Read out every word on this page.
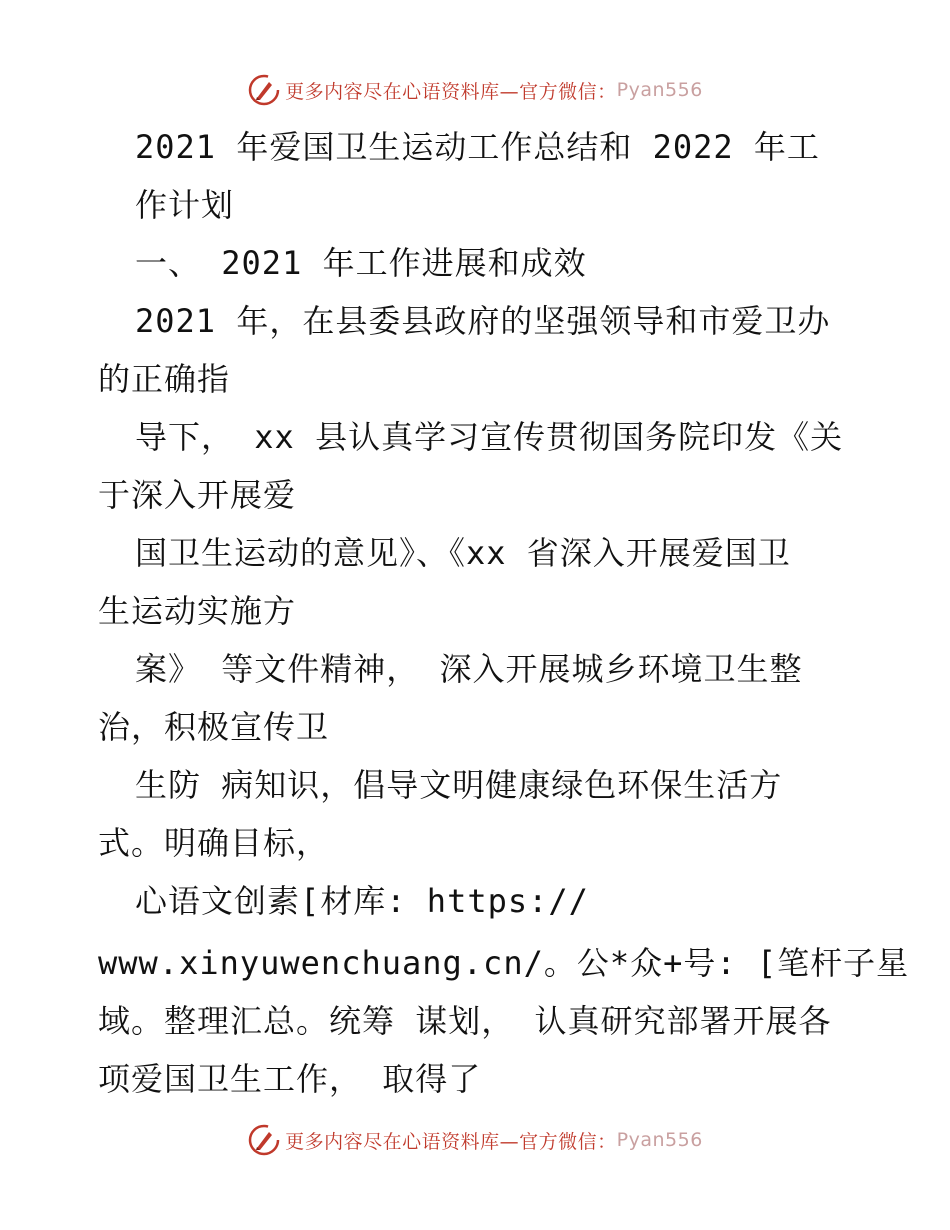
更多内容尽在心语资料库—官方微信： Pyan556
2021 年爱国卫生运动工作总结和 2022 年工
作计划
一、 2021 年工作进展和成效
2021 年，在县委县政府的坚强领导和市爱卫办
的正确指
导下， xx 县认真学习宣传贯彻国务院印发《关
于深入开展爱
国卫生运动的意见》、《xx 省深入开展爱国卫
生运动实施方
案》 等文件精神， 深入开展城乡环境卫生整
治，积极宣传卫
生防 病知识，倡导文明健康绿色环保生活方
式。明确目标，
心语文创素[材库: https://
www.xinyuwenchuang.cn/。公*众+号: [笔杆子星
域。整理汇总。统筹 谋划， 认真研究部署开展各
项爱国卫生工作， 取得了
更多内容尽在心语资料库—官方微信： Pyan556
